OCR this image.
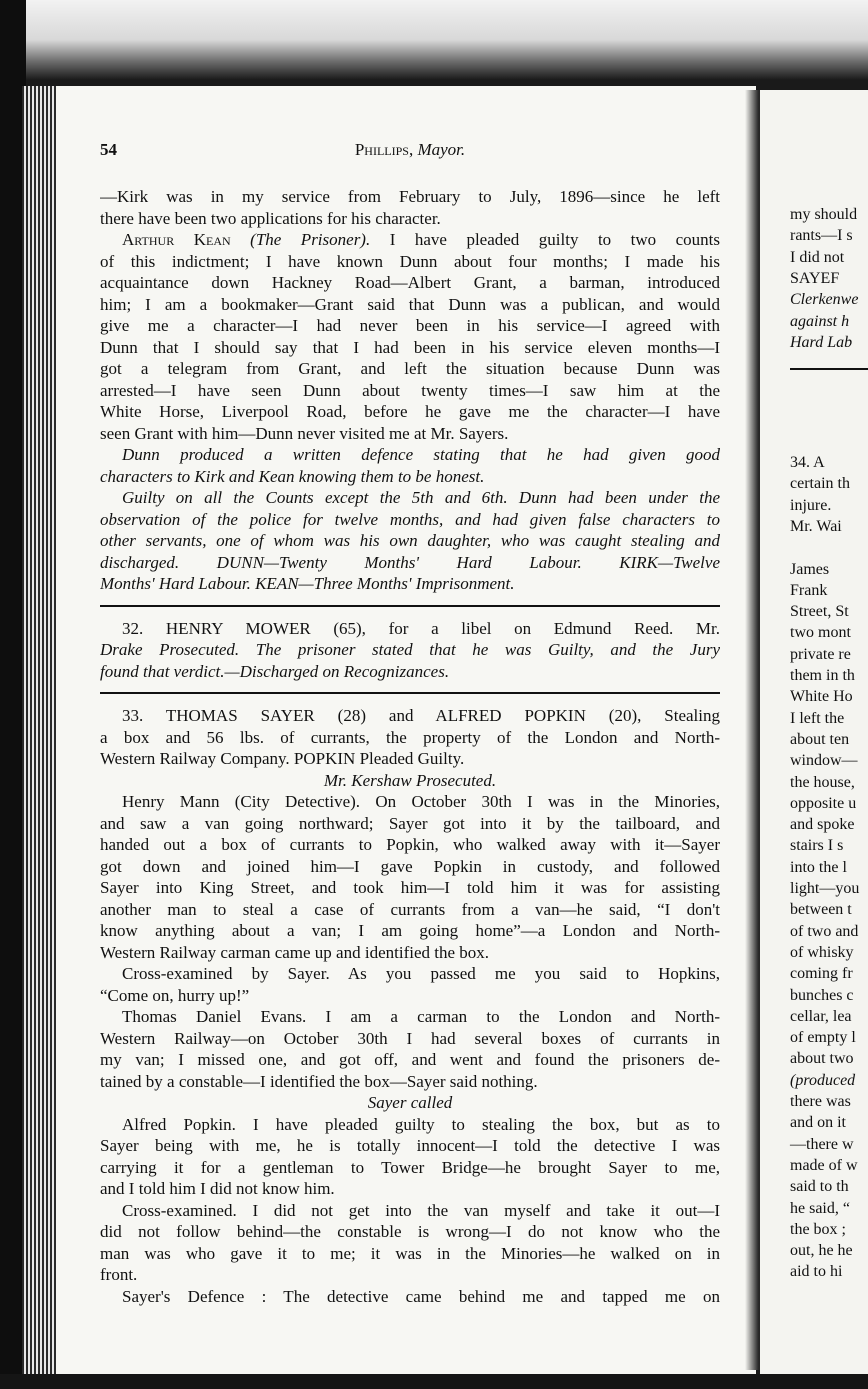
54	Phillips, Mayor.
—Kirk was in my service from February to July, 1896—since he left
there have been two applications for his character.
Arthur Kean (The Prisoner). I have pleaded guilty to two counts
of this indictment; I have known Dunn about four months; I made his
acquaintance down Hackney Road—Albert Grant, a barman, introduced
him; I am a bookmaker—Grant said that Dunn was a publican, and would
give me a character—I had never been in his service—I agreed with
Dunn that I should say that I had been in his service eleven months—I
got a telegram from Grant, and left the situation because Dunn was
arrested—I have seen Dunn about twenty times—I saw him at the
White Horse, Liverpool Road, before he gave me the character—I have
seen Grant with him—Dunn never visited me at Mr. Sayers.
Dunn produced a written defence stating that he had given good
characters to Kirk and Kean knowing them to be honest.
Guilty on all the Counts except the 5th and 6th. Dunn had been under the
observation of the police for twelve months, and had given false characters to
other servants, one of whom was his own daughter, who was caught stealing and
discharged. DUNN—Twenty Months' Hard Labour. KIRK—Twelve
Months' Hard Labour. KEAN—Three Months' Imprisonment.
32. HENRY MOWER (65), for a libel on Edmund Reed. Mr.
Drake Prosecuted. The prisoner stated that he was Guilty, and the Jury
found that verdict.—Discharged on Recognizances.
33. THOMAS SAYER (28) and ALFRED POPKIN (20), Stealing
a box and 56 lbs. of currants, the property of the London and North-
Western Railway Company. POPKIN Pleaded Guilty.
Mr. Kershaw Prosecuted.
Henry Mann (City Detective). On October 30th I was in the Minories,
and saw a van going northward; Sayer got into it by the tailboard, and
handed out a box of currants to Popkin, who walked away with it—Sayer
got down and joined him—I gave Popkin in custody, and followed
Sayer into King Street, and took him—I told him it was for assisting
another man to steal a case of currants from a van—he said, “I don't
know anything about a van; I am going home”—a London and North-
Western Railway carman came up and identified the box.
Cross-examined by Sayer. As you passed me you said to Hopkins,
“Come on, hurry up!”
Thomas Daniel Evans. I am a carman to the London and North-
Western Railway—on October 30th I had several boxes of currants in
my van; I missed one, and got off, and went and found the prisoners de-
tained by a constable—I identified the box—Sayer said nothing.
Sayer called
Alfred Popkin. I have pleaded guilty to stealing the box, but as to
Sayer being with me, he is totally innocent—I told the detective I was
carrying it for a gentleman to Tower Bridge—he brought Sayer to me,
and I told him I did not know him.
Cross-examined. I did not get into the van myself and take it out—I
did not follow behind—the constable is wrong—I do not know who the
man was who gave it to me; it was in the Minories—he walked on in
front.
Sayer's Defence : The detective came behind me and tapped me on
my should
rants—I s
I did not
SAYEF
Clerkenwe
against h
Hard Lab
34. A
certain th
injure.
Mr. Wai
James
Frank
Street, St
two mont
private re
them in th
White Ho
I left the
about ten
window—
the house,
opposite u
and spoke
stairs I s
into the l
light—you
between t
of two and
of whisky
coming fr
bunches c
cellar, lea
of empty l
about two
(produced
there was
and on it
—there w
made of w
said to th
he said, “
the box ;
out, he he
aid to hi
